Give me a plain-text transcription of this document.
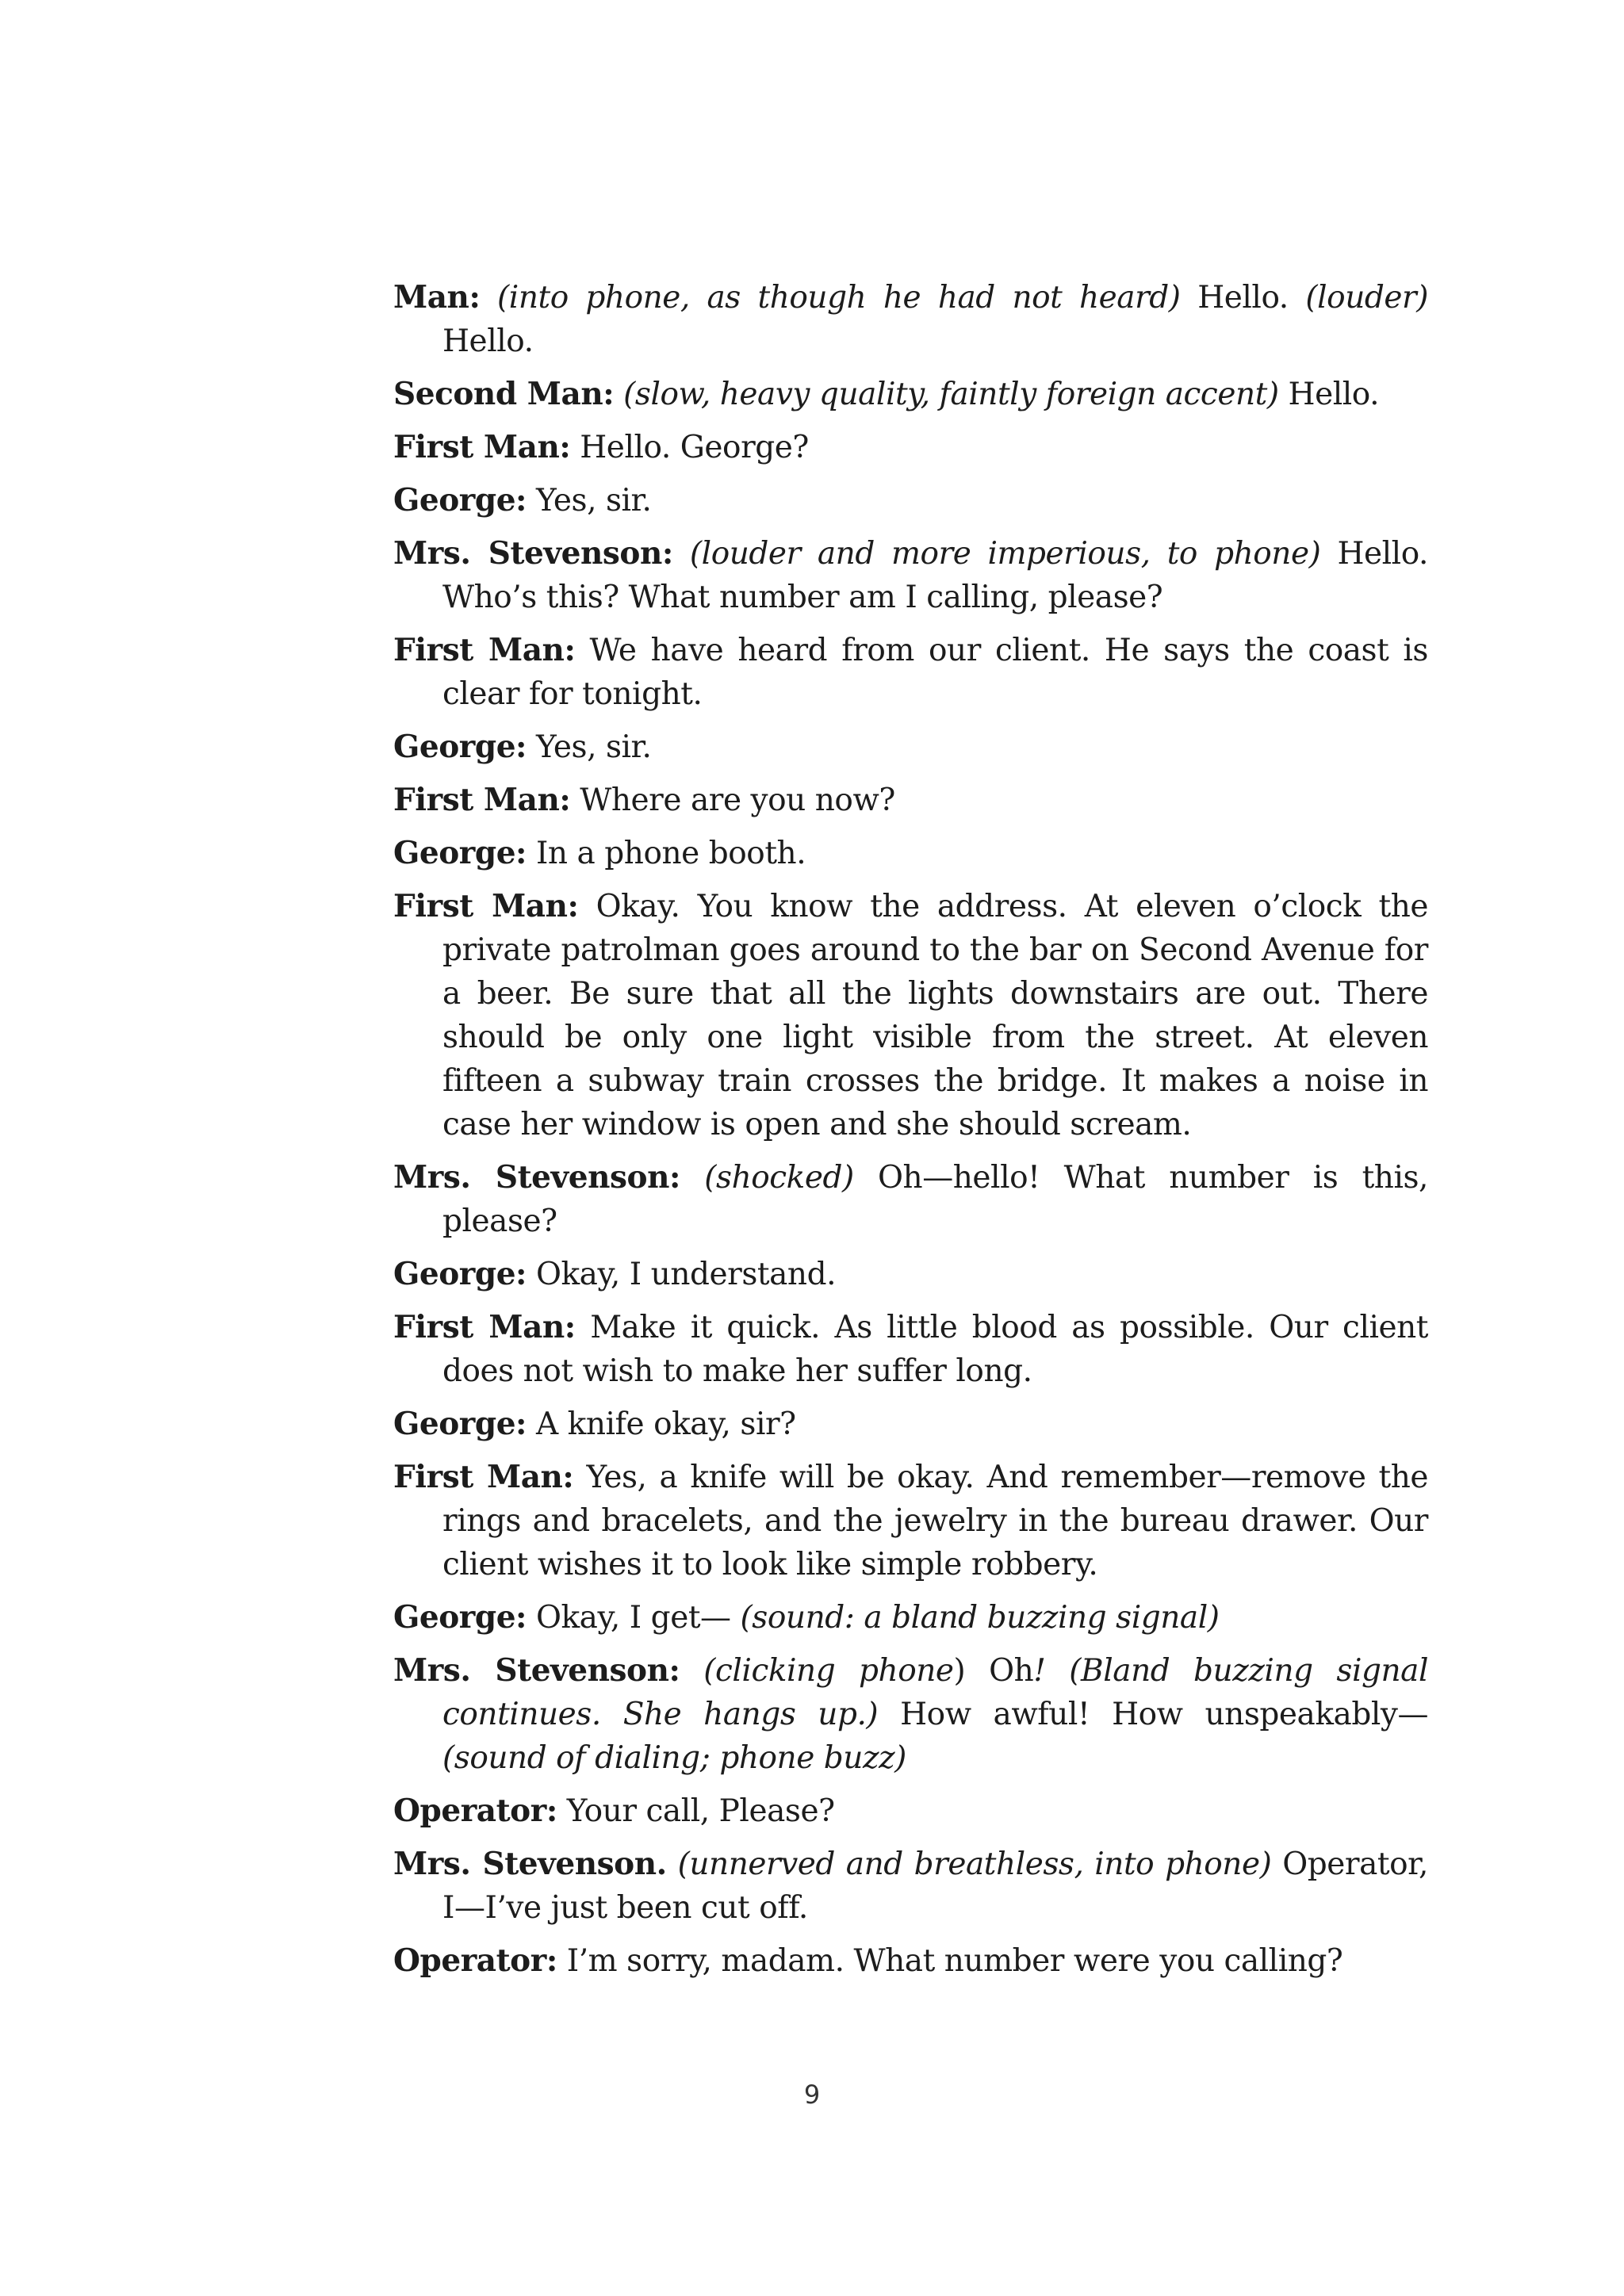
Man: (into phone, as though he had not heard) Hello. (louder) Hello.

Second Man: (slow, heavy quality, faintly foreign accent) Hello.

First Man: Hello. George?

George: Yes, sir.

Mrs. Stevenson: (louder and more imperious, to phone) Hello. Who’s this? What number am I calling, please?

First Man: We have heard from our client. He says the coast is clear for tonight.

George: Yes, sir.

First Man: Where are you now?

George: In a phone booth.

First Man: Okay. You know the address. At eleven o’clock the private patrolman goes around to the bar on Second Avenue for a beer. Be sure that all the lights downstairs are out. There should be only one light visible from the street. At eleven fifteen a subway train crosses the bridge. It makes a noise in case her window is open and she should scream.

Mrs. Stevenson: (shocked) Oh—hello! What number is this, please?

George: Okay, I understand.

First Man: Make it quick. As little blood as possible. Our client does not wish to make her suffer long.

George: A knife okay, sir?

First Man: Yes, a knife will be okay. And remember—remove the rings and bracelets, and the jewelry in the bureau drawer. Our client wishes it to look like simple robbery.

George: Okay, I get— (sound: a bland buzzing signal)

Mrs. Stevenson: (clicking phone) Oh! (Bland buzzing signal continues. She hangs up.) How awful! How unspeakably— (sound of dialing; phone buzz)

Operator: Your call, Please?

Mrs. Stevenson. (unnerved and breathless, into phone) Operator, I—I’ve just been cut off.

Operator: I’m sorry, madam. What number were you calling?

9
